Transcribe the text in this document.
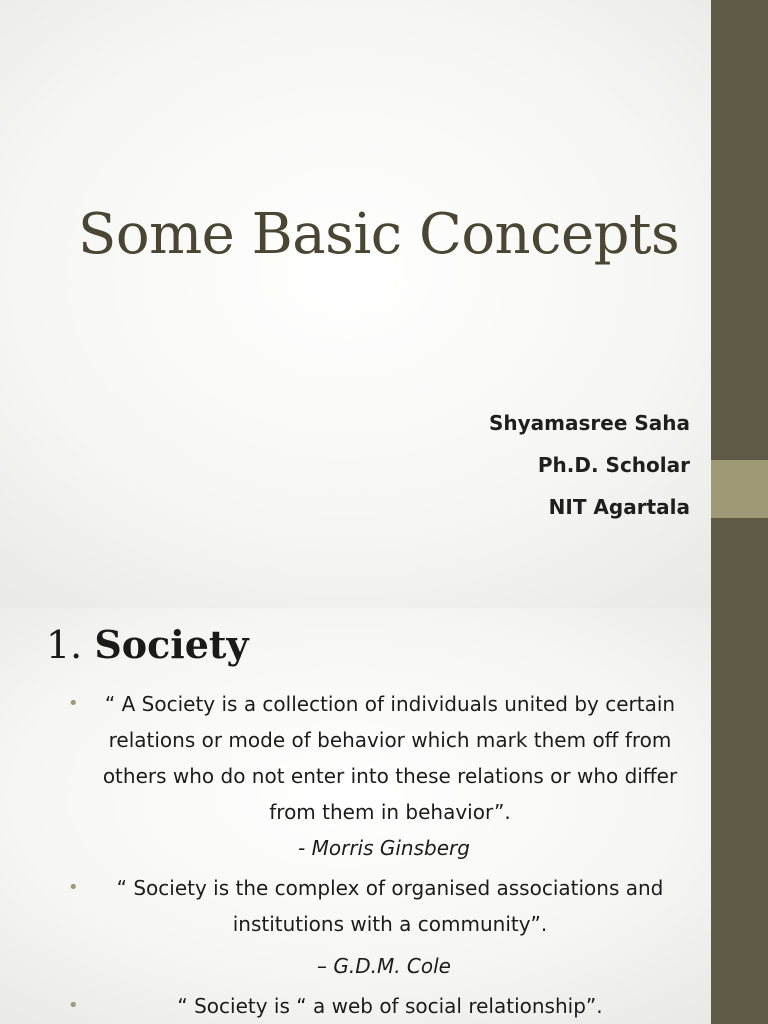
Some Basic Concepts
Shyamasree Saha
Ph.D. Scholar
NIT Agartala
1. Society
•	“ A Society is a collection of individuals united by certain relations or mode of behavior which mark them off from others who do not enter into these relations or who differ from them in behavior”.
- Morris Ginsberg
•	“ Society is the complex of organised associations and institutions with a community”.
– G.D.M. Cole
•	“ Society is “ a web of social relationship”.
